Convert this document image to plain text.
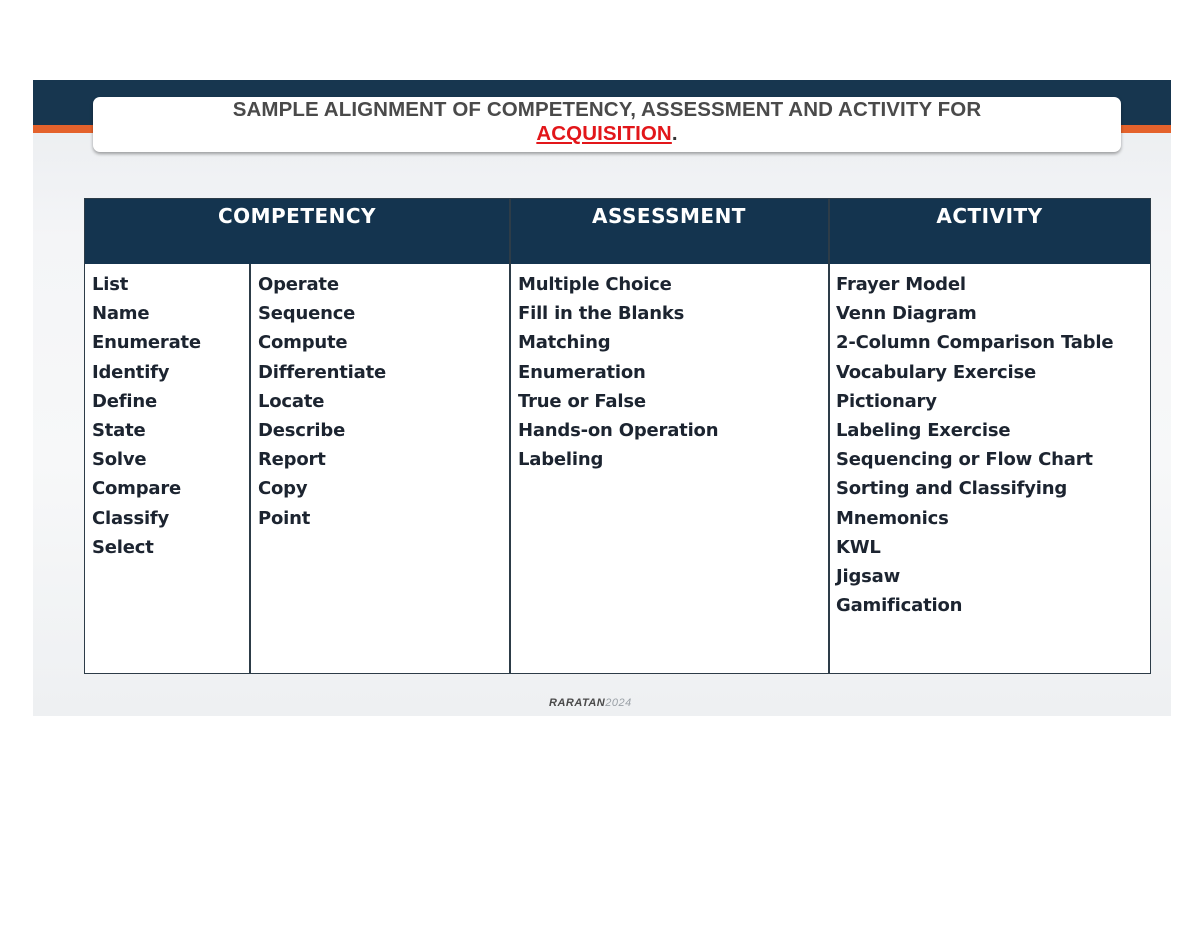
SAMPLE ALIGNMENT OF COMPETENCY, ASSESSMENT AND ACTIVITY FOR
ACQUISITION.
COMPETENCY	ASSESSMENT	ACTIVITY
List
Name
Enumerate
Identify
Define
State
Solve
Compare
Classify
Select
Operate
Sequence
Compute
Differentiate
Locate
Describe
Report
Copy
Point
Multiple Choice
Fill in the Blanks
Matching
Enumeration
True or False
Hands-on Operation
Labeling
Frayer Model
Venn Diagram
2-Column Comparison Table
Vocabulary Exercise
Pictionary
Labeling Exercise
Sequencing or Flow Chart
Sorting and Classifying
Mnemonics
KWL
Jigsaw
Gamification
RARATAN2024
